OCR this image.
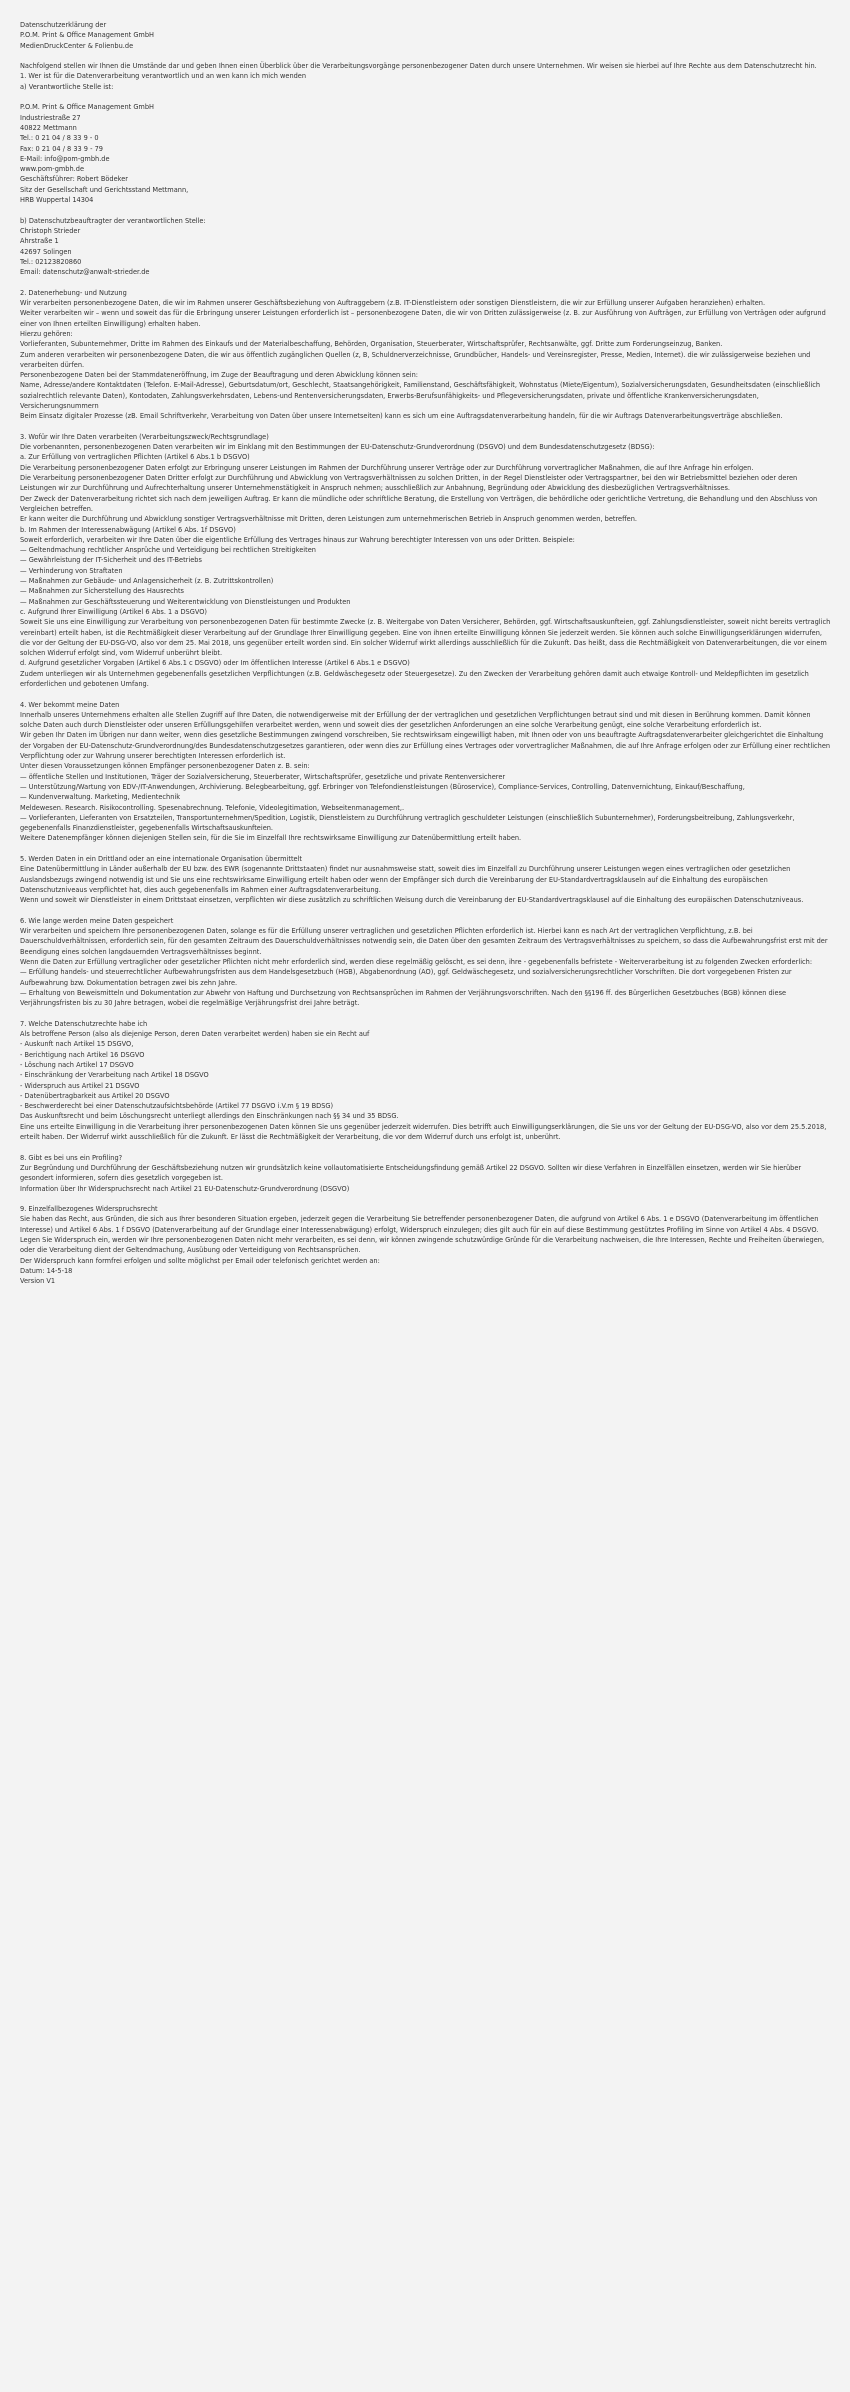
Datenschutzerklärung der
P.O.M. Print & Office Management GmbH
MedienDruckCenter & Folienbu.de
Nachfolgend stellen wir Ihnen die Umstände dar und geben Ihnen einen Überblick über die Verarbeitungsvorgänge personenbezogener Daten durch unsere Unternehmen. Wir weisen sie hierbei auf Ihre Rechte aus dem Datenschutzrecht hin.
1. Wer ist für die Datenverarbeitung verantwortlich und an wen kann ich mich wenden
a) Verantwortliche Stelle ist:
P.O.M. Print & Office Management GmbH
Industriestraße 27
40822 Mettmann
Tel.: 0 21 04 / 8 33 9 - 0
Fax: 0 21 04 / 8 33 9 - 79
E-Mail: info@pom-gmbh.de
www.pom-gmbh.de
Geschäftsführer: Robert Bödeker
Sitz der Gesellschaft und Gerichtsstand Mettmann,
HRB Wuppertal 14304
b) Datenschutzbeauftragter der verantwortlichen Stelle:
Christoph Strieder
Ahrstraße 1
42697 Solingen
Tel.: 02123820860
Email: datenschutz@anwalt-strieder.de
2. Datenerhebung- und Nutzung
Wir verarbeiten personenbezogene Daten, die wir im Rahmen unserer Geschäftsbeziehung von Auftraggebern (z.B. IT-Dienstleistern oder sonstigen Dienstleistern, die wir zur Erfüllung unserer Aufgaben heranziehen) erhalten.
Weiter verarbeiten wir – wenn und soweit das für die Erbringung unserer Leistungen erforderlich ist – personenbezogene Daten, die wir von Dritten zulässigerweise (z. B. zur Ausführung von Aufträgen, zur Erfüllung von Verträgen oder aufgrund einer von Ihnen erteilten Einwilligung) erhalten haben.
Hierzu gehören:
Vorlieferanten, Subunternehmer, Dritte im Rahmen des Einkaufs und der Materialbeschaffung, Behörden, Organisation, Steuerberater, Wirtschaftsprüfer, Rechtsanwälte, ggf. Dritte zum Forderungseinzug, Banken.
Zum anderen verarbeiten wir personenbezogene Daten, die wir aus öffentlich zugänglichen Quellen (z, B, Schuldnerverzeichnisse, Grundbücher, Handels- und Vereinsregister, Presse, Medien, Internet). die wir zulässigerweise beziehen und verarbeiten dürfen.
Personenbezogene Daten bei der Stammdateneröffnung, im Zuge der Beauftragung und deren Abwicklung können sein:
Name, Adresse/andere Kontaktdaten (Telefon. E-Mail-Adresse), Geburtsdatum/ort, Geschlecht, Staatsangehörigkeit, Familienstand, Geschäftsfähigkeit, Wohnstatus (Miete/Eigentum), Sozialversicherungsdaten, Gesundheitsdaten (einschließlich sozialrechtlich relevante Daten), Kontodaten, Zahlungsverkehrsdaten, Lebens-und Rentenversicherungsdaten, Erwerbs-Berufsunfähigkeits- und Pflegeversicherungsdaten, private und öffentliche Krankenversicherungsdaten, Versicherungsnummern
Beim Einsatz digitaler Prozesse (zB. Email Schriftverkehr, Verarbeitung von Daten über unsere Internetseiten) kann es sich um eine Auftragsdatenverarbeitung handeln, für die wir Auftrags Datenverarbeitungsverträge abschließen.
3. Wofür wir Ihre Daten verarbeiten (Verarbeitungszweck/Rechtsgrundlage)
Die vorbenannten, personenbezogenen Daten verarbeiten wir im Einklang mit den Bestimmungen der EU-Datenschutz-Grundverordnung (DSGVO) und dem Bundesdatenschutzgesetz (BDSG):
a. Zur Erfüllung von vertraglichen Pflichten (Artikel 6 Abs.1 b DSGVO)
Die Verarbeitung personenbezogener Daten erfolgt zur Erbringung unserer Leistungen im Rahmen der Durchführung unserer Verträge oder zur Durchführung vorvertraglicher Maßnahmen, die auf Ihre Anfrage hin erfolgen.
Die Verarbeitung personenbezogener Daten Dritter erfolgt zur Durchführung und Abwicklung von Vertragsverhältnissen zu solchen Dritten, in der Regel Dienstleister oder Vertragspartner, bei den wir Betriebsmittel beziehen oder deren Leistungen wir zur Durchführung und Aufrechterhaltung unserer Unternehmenstätigkeit in Anspruch nehmen; ausschließlich zur Anbahnung, Begründung oder Abwicklung des diesbezüglichen Vertragsverhältnisses.
Der Zweck der Datenverarbeitung richtet sich nach dem jeweiligen Auftrag. Er kann die mündliche oder schriftliche Beratung, die Erstellung von Verträgen, die behördliche oder gerichtliche Vertretung, die Behandlung und den Abschluss von Vergleichen betreffen.
Er kann weiter die Durchführung und Abwicklung sonstiger Vertragsverhältnisse mit Dritten, deren Leistungen zum unternehmerischen Betrieb in Anspruch genommen werden, betreffen.
b. Im Rahmen der Interessenabwägung (Artikel 6 Abs. 1f DSGVO)
Soweit erforderlich, verarbeiten wir Ihre Daten über die eigentliche Erfüllung des Vertrages hinaus zur Wahrung berechtigter Interessen von uns oder Dritten. Beispiele:
— Geltendmachung rechtlicher Ansprüche und Verteidigung bei rechtlichen Streitigkeiten
— Gewährleistung der IT-Sicherheit und des IT-Betriebs
— Verhinderung von Straftaten
— Maßnahmen zur Gebäude- und Anlagensicherheit (z. B. Zutrittskontrollen)
— Maßnahmen zur Sicherstellung des Hausrechts
— Maßnahmen zur Geschäftssteuerung und Weiterentwicklung von Dienstleistungen und Produkten
c. Aufgrund Ihrer Einwilligung (Artikel 6 Abs. 1 a DSGVO)
Soweit Sie uns eine Einwilligung zur Verarbeitung von personenbezogenen Daten für bestimmte Zwecke (z. B. Weitergabe von Daten Versicherer, Behörden, ggf. Wirtschaftsauskunfteien, ggf. Zahlungsdienstleister, soweit nicht bereits vertraglich vereinbart) erteilt haben, ist die Rechtmäßigkeit dieser Verarbeitung auf der Grundlage Ihrer Einwilligung gegeben. Eine von ihnen erteilte Einwilligung können Sie jederzeit werden. Sie können auch solche Einwilligungserklärungen widerrufen, die vor der Geltung der EU-DSG-VO, also vor dem 25. Mai 2018, uns gegenüber erteilt worden sind. Ein solcher Widerruf wirkt allerdings ausschließlich für die Zukunft. Das heißt, dass die Rechtmäßigkeit von Datenverarbeitungen, die vor einem solchen Widerruf erfolgt sind, vom Widerruf unberührt bleibt.
d. Aufgrund gesetzlicher Vorgaben (Artikel 6 Abs.1 c DSGVO) oder Im öffentlichen Interesse (Artikel 6 Abs.1 e DSGVO)
Zudem unterliegen wir als Unternehmen gegebenenfalls gesetzlichen Verpflichtungen (z.B. Geldwäschegesetz oder Steuergesetze). Zu den Zwecken der Verarbeitung gehören damit auch etwaige Kontroll- und Meldepflichten im gesetzlich erforderlichen und gebotenen Umfang.
4. Wer bekommt meine Daten
Innerhalb unseres Unternehmens erhalten alle Stellen Zugriff auf Ihre Daten, die notwendigerweise mit der Erfüllung der der vertraglichen und gesetzlichen Verpflichtungen betraut sind und mit diesen in Berührung kommen. Damit können solche Daten auch durch Dienstleister oder unseren Erfüllungsgehilfen verarbeitet werden, wenn und soweit dies der gesetzlichen Anforderungen an eine solche Verarbeitung genügt, eine solche Verarbeitung erforderlich ist.
Wir geben Ihr Daten im Übrigen nur dann weiter, wenn dies gesetzliche Bestimmungen zwingend vorschreiben, Sie rechtswirksam eingewilligt haben, mit Ihnen oder von uns beauftragte Auftragsdatenverarbeiter gleichgerichtet die Einhaltung der Vorgaben der EU-Datenschutz-Grundverordnung/des Bundesdatenschutzgesetzes garantieren, oder wenn dies zur Erfüllung eines Vertrages oder vorvertraglicher Maßnahmen, die auf Ihre Anfrage erfolgen oder zur Erfüllung einer rechtlichen Verpflichtung oder zur Wahrung unserer berechtigten Interessen erforderlich ist.
Unter diesen Voraussetzungen können Empfänger personenbezogener Daten z. B. sein:
— öffentliche Stellen und Institutionen, Träger der Sozialversicherung, Steuerberater, Wirtschaftsprüfer, gesetzliche und private Rentenversicherer
— Unterstützung/Wartung von EDV-/IT-Anwendungen, Archivierung. Belegbearbeitung, ggf. Erbringer von Telefondienstleistungen (Büroservice), Compliance-Services, Controlling, Datenvernichtung, Einkauf/Beschaffung,
— Kundenverwaltung. Marketing, Medientechnik
Meldewesen. Research. Risikocontrolling. Spesenabrechnung. Telefonie, Videolegitimation, Webseitenmanagement,.
— Vorlieferanten, Lieferanten von Ersatzteilen, Transportunternehmen/Spedition, Logistik, Dienstleistern zu Durchführung vertraglich geschuldeter Leistungen (einschließlich Subunternehmer), Forderungsbeitreibung, Zahlungsverkehr, gegebenenfalls Finanzdienstleister, gegebenenfalls Wirtschaftsauskunfteien.
Weitere Datenempfänger können diejenigen Stellen sein, für die Sie im Einzelfall Ihre rechtswirksame Einwilligung zur Datenübermittlung erteilt haben.
5. Werden Daten in ein Drittland oder an eine internationale Organisation übermittelt
Eine Datenübermittlung in Länder außerhalb der EU bzw. des EWR (sogenannte Drittstaaten) findet nur ausnahmsweise statt, soweit dies im Einzelfall zu Durchführung unserer Leistungen wegen eines vertraglichen oder gesetzlichen Auslandsbezugs zwingend notwendig ist und Sie uns eine rechtswirksame Einwilligung erteilt haben oder wenn der Empfänger sich durch die Vereinbarung der EU-Standardvertragsklauseln auf die Einhaltung des europäischen Datenschutzniveaus verpflichtet hat, dies auch gegebenenfalls im Rahmen einer Auftragsdatenverarbeitung.
Wenn und soweit wir Dienstleister in einem Drittstaat einsetzen, verpflichten wir diese zusätzlich zu schriftlichen Weisung durch die Vereinbarung der EU-Standardvertragsklausel auf die Einhaltung des europäischen Datenschutzniveaus.
6. Wie lange werden meine Daten gespeichert
Wir verarbeiten und speichern Ihre personenbezogenen Daten, solange es für die Erfüllung unserer vertraglichen und gesetzlichen Pflichten erforderlich ist. Hierbei kann es nach Art der vertraglichen Verpflichtung, z.B. bei Dauerschuldverhältnissen, erforderlich sein, für den gesamten Zeitraum des Dauerschuldverhältnisses notwendig sein, die Daten über den gesamten Zeitraum des Vertragsverhältnisses zu speichern, so dass die Aufbewahrungsfrist erst mit der Beendigung eines solchen langdauernden Vertragsverhältnisses beginnt.
Wenn die Daten zur Erfüllung vertraglicher oder gesetzlicher Pflichten nicht mehr erforderlich sind, werden diese regelmäßig gelöscht, es sei denn, ihre - gegebenenfalls befristete - Weiterverarbeitung ist zu folgenden Zwecken erforderlich:
— Erfüllung handels- und steuerrechtlicher Aufbewahrungsfristen aus dem Handelsgesetzbuch (HGB), Abgabenordnung (AO), ggf. Geldwäschegesetz, und sozialversicherungsrechtlicher Vorschriften. Die dort vorgegebenen Fristen zur Aufbewahrung bzw. Dokumentation betragen zwei bis zehn Jahre.
— Erhaltung von Beweismitteln und Dokumentation zur Abwehr von Haftung und Durchsetzung von Rechtsansprüchen im Rahmen der Verjährungsvorschriften. Nach den §§196 ff. des Bürgerlichen Gesetzbuches (BGB) können diese Verjährungsfristen bis zu 30 Jahre betragen, wobei die regelmäßige Verjährungsfrist drei Jahre beträgt.
7. Welche Datenschutzrechte habe ich
Als betroffene Person (also als diejenige Person, deren Daten verarbeitet werden) haben sie ein Recht auf
- Auskunft nach Artikel 15 DSGVO,
- Berichtigung nach Artikel 16 DSGVO
- Löschung nach Artikel 17 DSGVO
- Einschränkung der Verarbeitung nach Artikel 18 DSGVO
- Widerspruch aus Artikel 21 DSGVO
- Datenübertragbarkeit aus Artikel 20 DSGVO
- Beschwerderecht bei einer Datenschutzaufsichtsbehörde (Artikel 77 DSGVO i.V.m § 19 BDSG)
Das Auskunftsrecht und beim Löschungsrecht unterliegt allerdings den Einschränkungen nach §§ 34 und 35 BDSG.
Eine uns erteilte Einwilligung in die Verarbeitung ihrer personenbezogenen Daten können Sie uns gegenüber jederzeit widerrufen. Dies betrifft auch Einwilligungserklärungen, die Sie uns vor der Geltung der EU-DSG-VO, also vor dem 25.5.2018, erteilt haben. Der Widerruf wirkt ausschließlich für die Zukunft. Er lässt die Rechtmäßigkeit der Verarbeitung, die vor dem Widerruf durch uns erfolgt ist, unberührt.
8. Gibt es bei uns ein Profiling?
Zur Begründung und Durchführung der Geschäftsbeziehung nutzen wir grundsätzlich keine vollautomatisierte Entscheidungsfindung gemäß Artikel 22 DSGVO. Sollten wir diese Verfahren in Einzelfällen einsetzen, werden wir Sie hierüber gesondert informieren, sofern dies gesetzlich vorgegeben ist.
Information über Ihr Widerspruchsrecht nach Artikel 21 EU-Datenschutz-Grundverordnung (DSGVO)
9. Einzelfallbezogenes Widerspruchsrecht
Sie haben das Recht, aus Gründen, die sich aus Ihrer besonderen Situation ergeben, jederzeit gegen die Verarbeitung Sie betreffender personenbezogener Daten, die aufgrund von Artikel 6 Abs. 1 e DSGVO (Datenverarbeitung im öffentlichen Interesse) und Artikel 6 Abs. 1 f DSGVO (Datenverarbeitung auf der Grundlage einer Interessenabwägung) erfolgt, Widerspruch einzulegen; dies gilt auch für ein auf diese Bestimmung gestütztes Profiling im Sinne von Artikel 4 Abs. 4 DSGVO.
Legen Sie Widerspruch ein, werden wir Ihre personenbezogenen Daten nicht mehr verarbeiten, es sei denn, wir können zwingende schutzwürdige Gründe für die Verarbeitung nachweisen, die Ihre Interessen, Rechte und Freiheiten überwiegen, oder die Verarbeitung dient der Geltendmachung, Ausübung oder Verteidigung von Rechtsansprüchen.
Der Widerspruch kann formfrei erfolgen und sollte möglichst per Email oder telefonisch gerichtet werden an:
Datum: 14-5-18
Version V1
